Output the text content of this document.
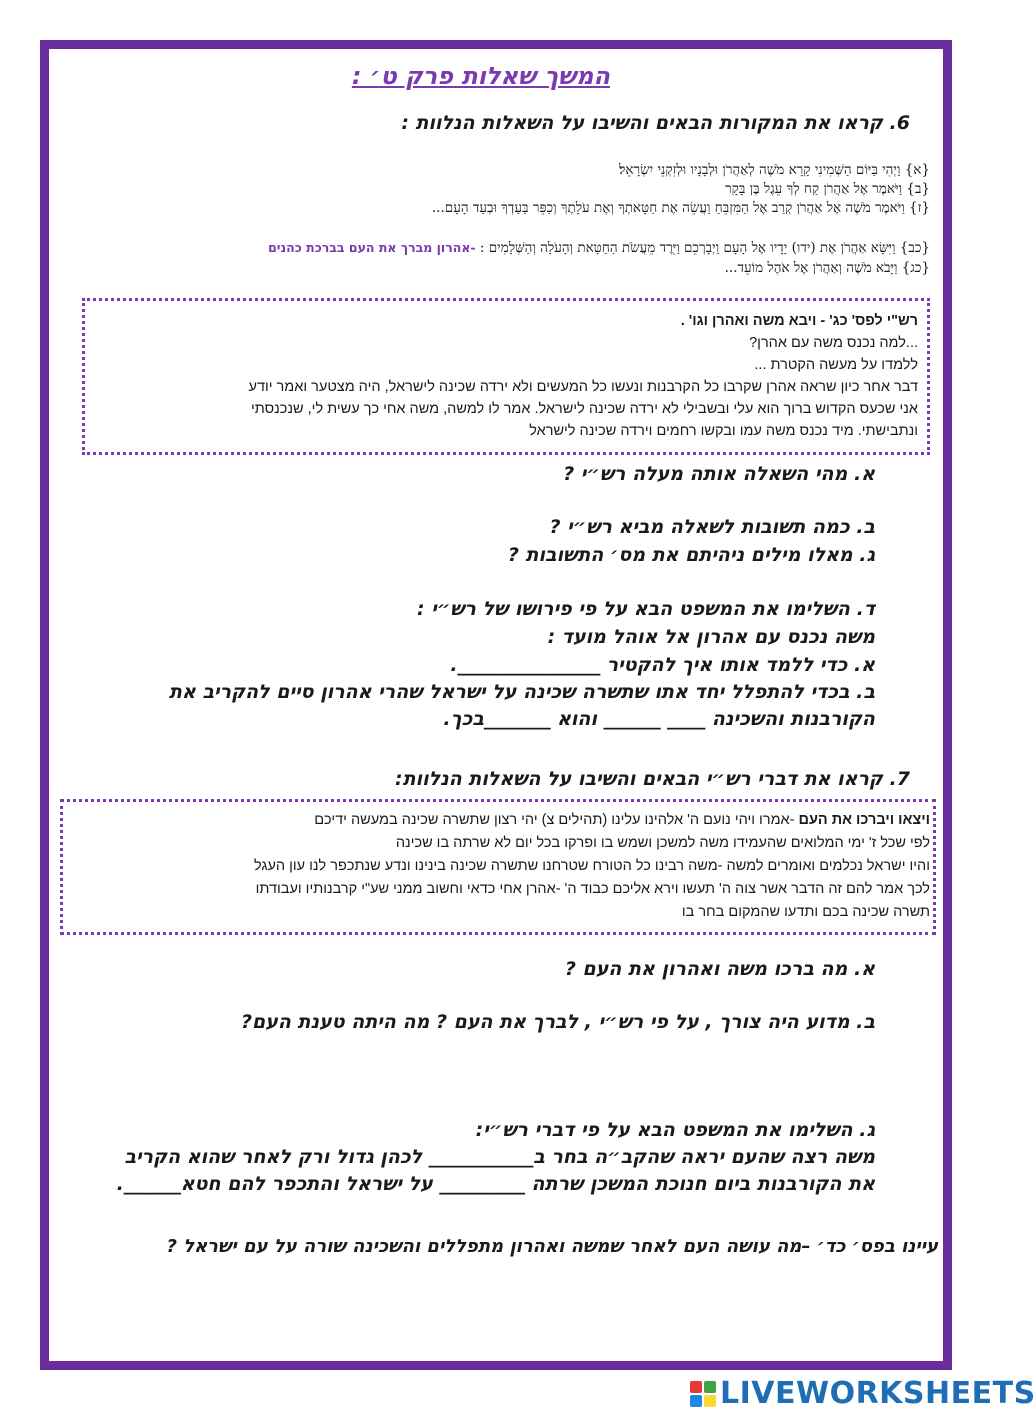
המשך שאלות פרק ט׳ :
6. קראו את המקורות הבאים והשיבו על השאלות הנלוות :
{א} וַיְהִי בַּיּוֹם הַשְּׁמִינִי קָרָא מֹשֶׁה לְאַהֲרֹן וּלְבָנָיו וּלְזִקְנֵי יִשְׂרָאֵל׃
{ב} וַיֹּאמֶר אֶל אַהֲרֹן קַח לְךָ עֵגֶל בֶּן בָּקָר
{ז} וַיֹּאמֶר מֹשֶׁה אֶל אַהֲרֹן קְרַב אֶל הַמִּזְבֵּחַ וַעֲשֵׂה אֶת חַטָּאתְךָ וְאֶת עֹלָתֶךָ וְכַפֵּר בַּעַדְךָ וּבְעַד הָעָם...
{כב} וַיִּשָּׂא אַהֲרֹן אֶת (ידו) יָדָיו אֶל הָעָם וַיְבָרְכֵם וַיֵּרֶד מֵעֲשֹׂת הַחַטָּאת וְהָעֹלָה וְהַשְּׁלָמִים : -אהרון מברך את העם בברכת כהנים
{כג} וַיָּבֹא מֹשֶׁה וְאַהֲרֹן אֶל אֹהֶל מוֹעֵד...
רש"י לפס' כג' - ויבא משה ואהרן וגו' .
...למה נכנס משה עם אהרן?
ללמדו על מעשה הקטרת ...
דבר אחר כיון שראה אהרן שקרבו כל הקרבנות ונעשו כל המעשים ולא ירדה שכינה לישראל, היה מצטער ואמר יודע
אני שכעס הקדוש ברוך הוא עלי ובשבילי לא ירדה שכינה לישראל. אמר לו למשה, משה אחי כך עשית לי, שנכנסתי
ונתבישתי. מיד נכנס משה עמו ובקשו רחמים וירדה שכינה לישראל
א. מהי השאלה אותה מעלה רש״י ?
ב. כמה תשובות לשאלה מביא רש״י ?
ג. מאלו מילים ניהיתם את מס׳ התשובות ?
ד. השלימו את המשפט הבא על פי פירושו של רש״י :
משה נכנס עם אהרון אל אוהל מועד :
א. כדי ללמד אותו איך להקטיר _______________.
ב. בכדי להתפלל יחד אתו שתשרה שכינה על ישראל שהרי אהרון סיים להקריב את
הקורבנות והשכינה ____ ______ והוא _______בכך.
7. קראו את דברי רש״י הבאים והשיבו על השאלות הנלוות:
ויצאו ויברכו את העם -אמרו ויהי נועם ה' אלהינו עלינו (תהילים צ) יהי רצון שתשרה שכינה במעשה ידיכם
לפי שכל ז' ימי המלואים שהעמידו משה למשכן ושמש בו ופרקו בכל יום לא שרתה בו שכינה
והיו ישראל נכלמים ואומרים למשה -משה רבינו כל הטורח שטרחנו שתשרה שכינה בינינו ונדע שנתכפר לנו עון העגל
לכך אמר להם זה הדבר אשר צוה ה' תעשו וירא אליכם כבוד ה' -אהרן אחי כדאי וחשוב ממני שע"י קרבנותיו ועבודתו
תשרה שכינה בכם ותדעו שהמקום בחר בו
א. מה ברכו משה ואהרון את העם ?
ב. מדוע היה צורך , על פי רש״י , לברך את העם ? מה היתה טענת העם?
ג. השלימו את המשפט הבא על פי דברי רש״י:
משה רצה שהעם יראה שהקב״ה בחר ב___________ לכהן גדול ורק לאחר שהוא הקריב
את הקורבנות ביום חנוכת המשכן שרתה _________ על ישראל והתכפר להם חטא______.
עיינו בפס׳ כד׳ –מה עושה העם לאחר שמשה ואהרון מתפללים והשכינה שורה על עם ישראל ?
LIVEWORKSHEETS
